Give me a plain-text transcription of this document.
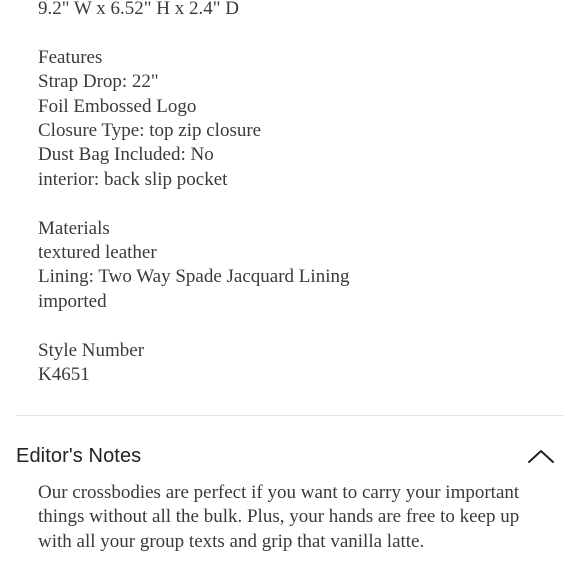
9.2" W x 6.52" H x 2.4" D
Features
Strap Drop: 22"
Foil Embossed Logo
Closure Type: top zip closure
Dust Bag Included: No
interior: back slip pocket
Materials
textured leather
Lining: Two Way Spade Jacquard Lining
imported
Style Number
K4651
Editor's Notes
Our crossbodies are perfect if you want to carry your important things without all the bulk. Plus, your hands are free to keep up with all your group texts and grip that vanilla latte.
